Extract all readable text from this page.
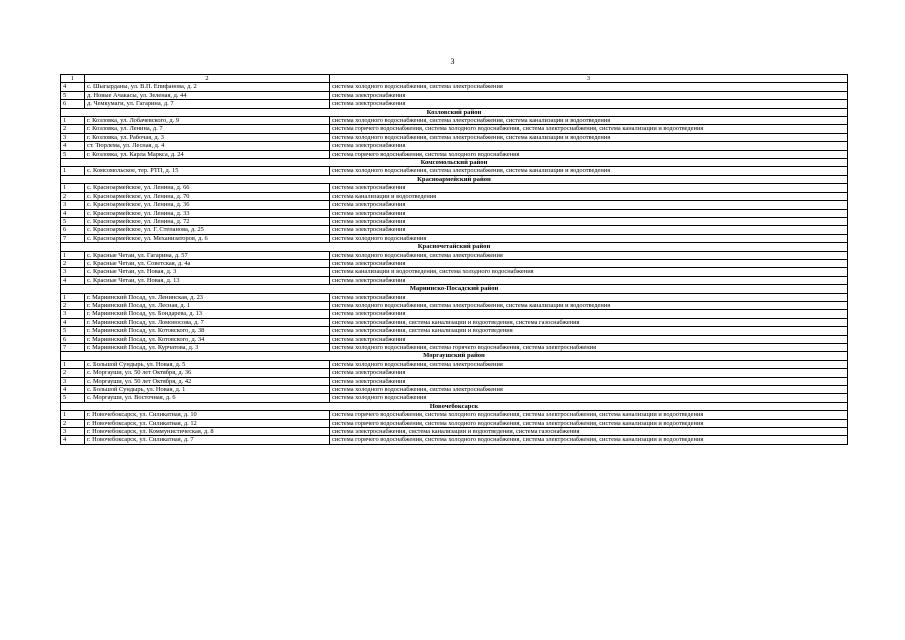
3
1	2	3
4	с. Шыгырданы, ул. В.П. Епифанова, д. 2	система холодного водоснабжения, система электроснабжения
5	д. Новые Ачакасы, ул. Зеленая, д. 44	система электроснабжения
6	д. Чемкумаги, ул. Гагарина, д. 7	система электроснабжения
Козловский район		
1	г. Козловка, ул. Лобачевского, д. 9	система холодного водоснабжения, система электроснабжения, система канализации и водоотведения
2	г. Козловка, ул. Ленина, д. 7	система горячего водоснабжения, система холодного водоснабжения, система электроснабжения, система канализации и водоотведения
3	г. Козловка, ул. Рабочая, д. 3	система холодного водоснабжения, система электроснабжения, система канализации и водоотведения
4	ст. Тюрлема, ул. Лесная, д. 4	система электроснабжения
5	г. Козловка, ул. Карла Маркса, д. 24	система горячего водоснабжения, система холодного водоснабжения
Комсомольский район		
1	с. Комсомольское, тер. РТП, д. 15	система холодного водоснабжения, система электроснабжения, система канализации и водоотведения
Красноармейский район		
1	с. Красноармейское, ул. Ленина, д. 66	система электроснабжения
2	с. Красноармейское, ул. Ленина, д. 70	система канализации и водоотведения
3	с. Красноармейское, ул. Ленина, д. 36	система электроснабжения
4	с. Красноармейское, ул. Ленина, д. 33	система электроснабжения
5	с. Красноармейское, ул. Ленина, д. 72	система электроснабжения
6	с. Красноармейское, ул. Г. Степанова, д. 25	система электроснабжения
7	с. Красноармейское, ул. Механизаторов, д. 6	система холодного водоснабжения
Красночетайский район		
1	с. Красные Четаи, ул. Гагарина, д. 57	система холодного водоснабжения, система электроснабжения
2	с. Красные Четаи, ул. Советская, д. 4а	система электроснабжения
3	с. Красные Четаи, ул. Новая, д. 3	система канализации и водоотведения, система холодного водоснабжения
4	с. Красные Четаи, ул. Новая, д. 13	система электроснабжения
Мариинско-Посадский район		
1	г. Мариинский Посад, ул. Ленинская, д. 23	система электроснабжения
2	г. Мариинский Посад, ул. Лесная, д. 1	система холодного водоснабжения, система электроснабжения, система канализации и водоотведения
3	г. Мариинский Посад, ул. Бондарева, д. 13	система электроснабжения
4	г. Мариинский Посад, ул. Ломоносова, д. 7	система электроснабжения, система канализации и водоотведения, система газоснабжения
5	г. Мариинский Посад, ул. Котовского, д. 38	система электроснабжения, система канализации и водоотведения
6	г. Мариинский Посад, ул. Котовского, д. 34	система электроснабжения
7	г. Мариинский Посад, ул. Курчатова, д. 3	система холодного водоснабжения, система горячего водоснабжения, система электроснабжения
Моргаушский район		
1	с. Большой Сундырь, ул. Новая, д. 5	система холодного водоснабжения, система электроснабжения
2	с. Моргауши, ул. 50 лет Октября, д. 36	система электроснабжения
3	с. Моргауши, ул. 50 лет Октября, д. 42	система электроснабжения
4	с. Большой Сундырь, ул. Новая, д. 1	система холодного водоснабжения, система электроснабжения
5	с. Моргауши, ул. Восточная, д. 6	система холодного водоснабжения
Новочебоксарск		
1	г. Новочебоксарск, ул. Силикатная, д. 10	система горячего водоснабжения, система холодного водоснабжения, система электроснабжения, система канализации и водоотведения
2	г. Новочебоксарск, ул. Силикатная, д. 12	система горячего водоснабжения, система холодного водоснабжения, система электроснабжения, система канализации и водоотведения
3	г. Новочебоксарск, ул. Коммунистическая, д. 8	система электроснабжения, система канализации и водоотведения, система газоснабжения
4	г. Новочебоксарск, ул. Силикатная, д. 7	система горячего водоснабжения, система холодного водоснабжения, система электроснабжения, система канализации и водоотведения
